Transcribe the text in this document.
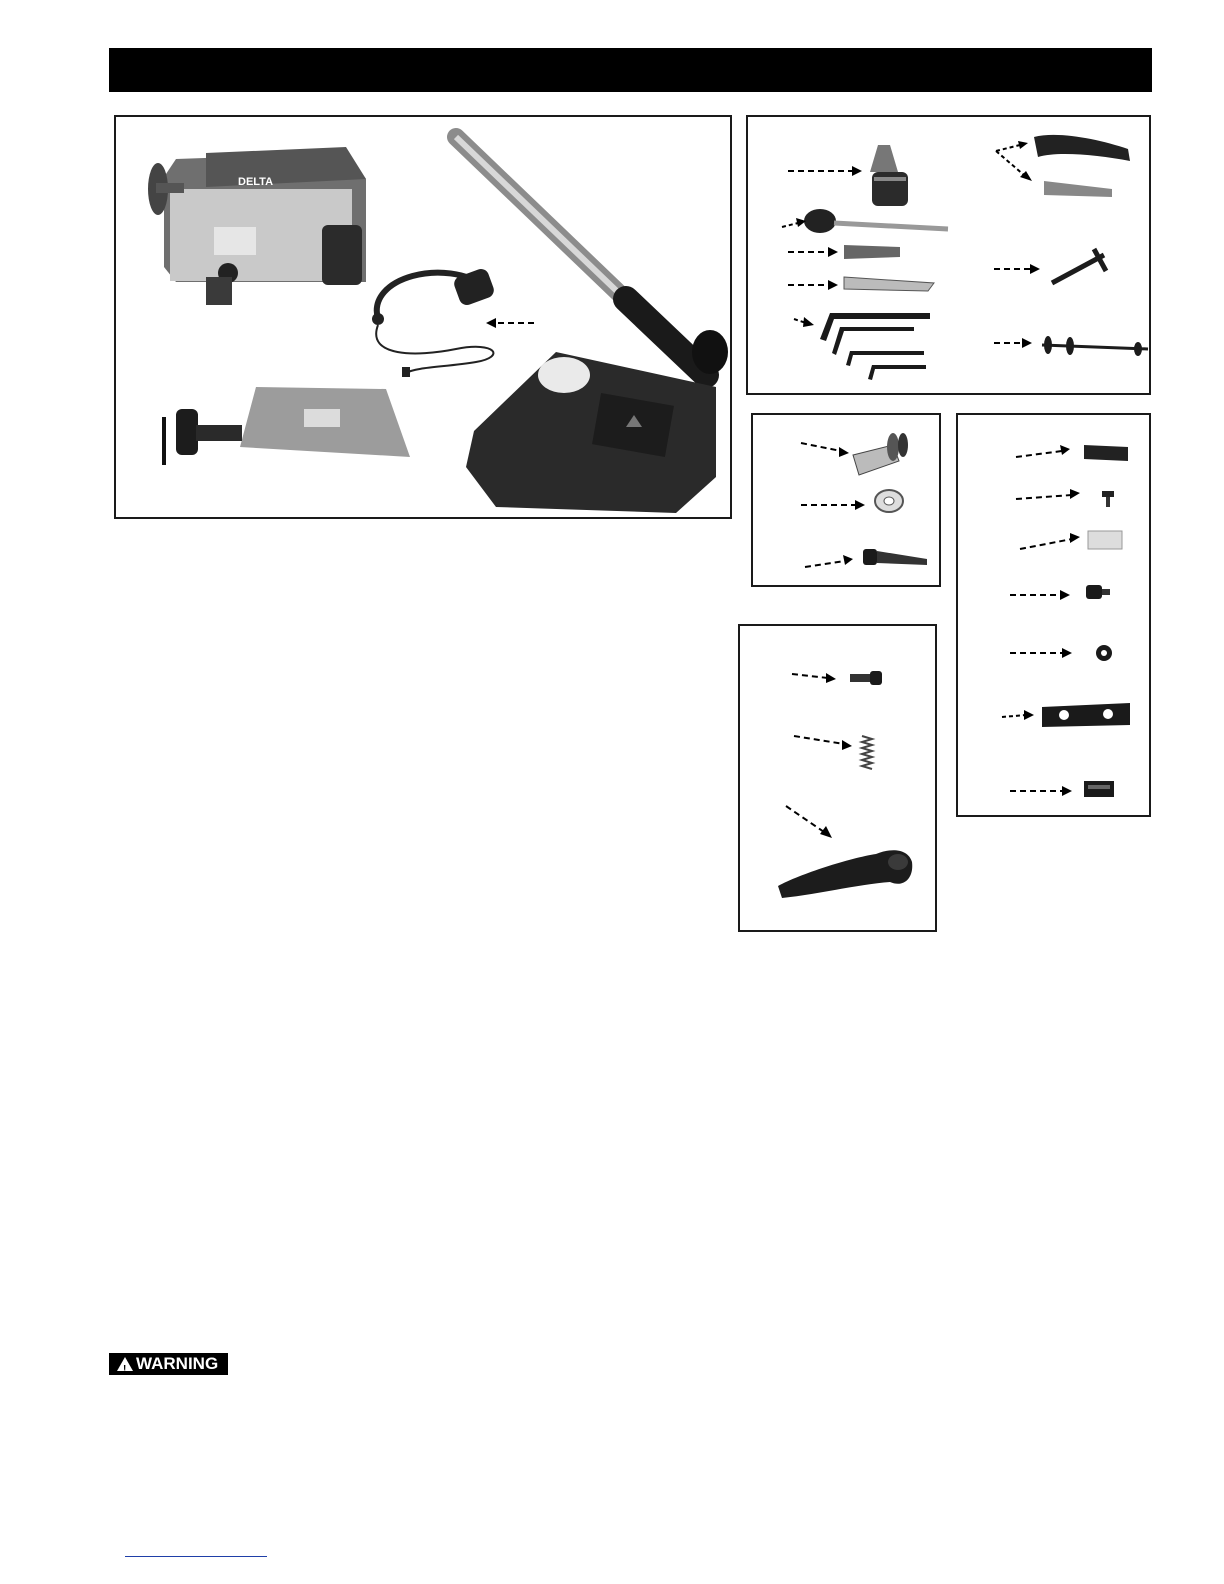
DELTA
!
WARNING
